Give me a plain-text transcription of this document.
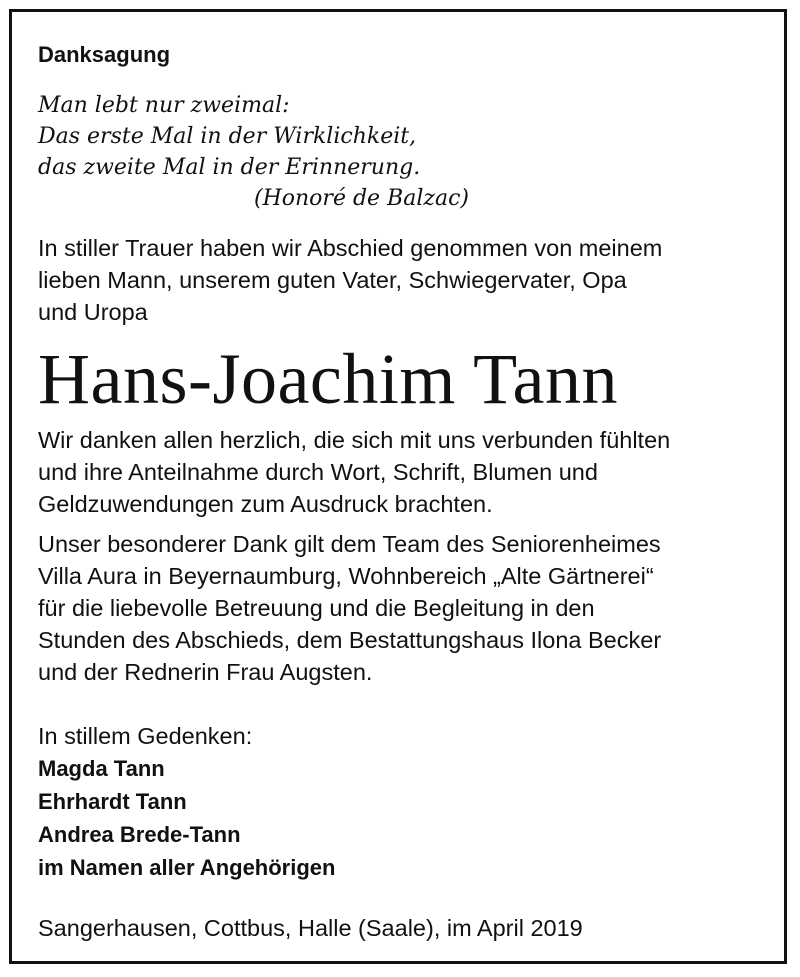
Danksagung
Man lebt nur zweimal:
Das erste Mal in der Wirklichkeit,
das zweite Mal in der Erinnerung.
(Honoré de Balzac)
In stiller Trauer haben wir Abschied genommen von meinem
lieben Mann, unserem guten Vater, Schwiegervater, Opa
und Uropa
Hans-Joachim Tann
Wir danken allen herzlich, die sich mit uns verbunden fühlten
und ihre Anteilnahme durch Wort, Schrift, Blumen und
Geldzuwendungen zum Ausdruck brachten.
Unser besonderer Dank gilt dem Team des Seniorenheimes
Villa Aura in Beyernaumburg, Wohnbereich „Alte Gärtnerei“
für die liebevolle Betreuung und die Begleitung in den
Stunden des Abschieds, dem Bestattungshaus Ilona Becker
und der Rednerin Frau Augsten.
In stillem Gedenken:
Magda Tann
Ehrhardt Tann
Andrea Brede-Tann
im Namen aller Angehörigen
Sangerhausen, Cottbus, Halle (Saale), im April 2019
